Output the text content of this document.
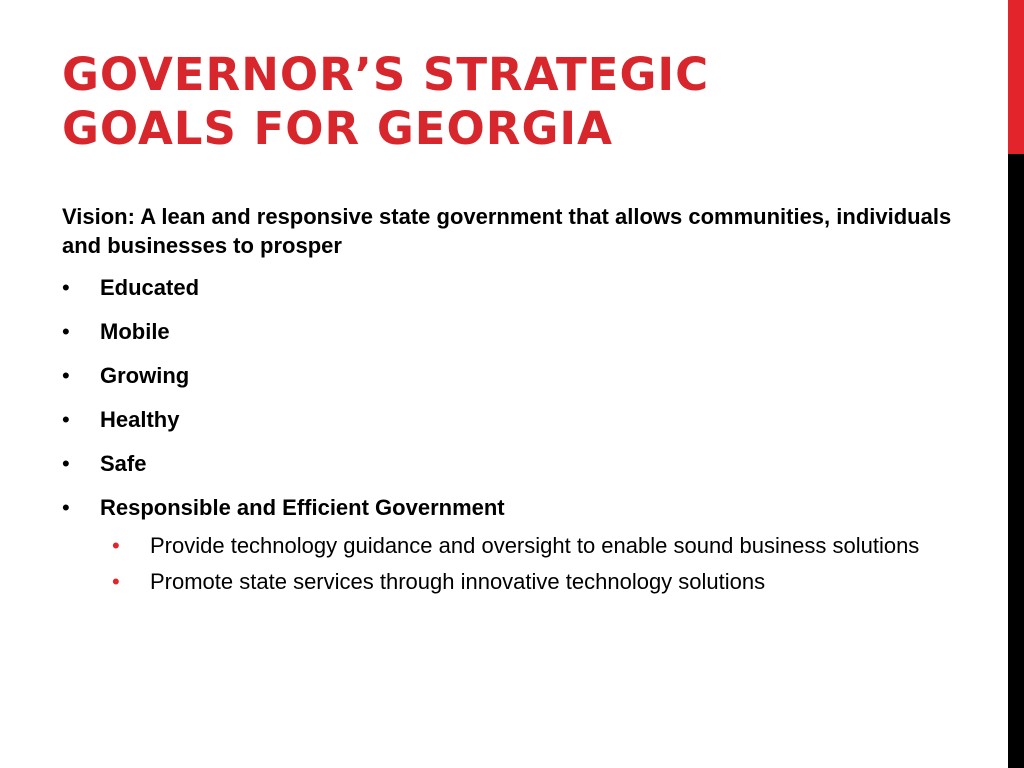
GOVERNOR’S STRATEGIC
GOALS FOR GEORGIA

Vision: A lean and responsive state government that allows communities, individuals and businesses to prosper

• Educated
• Mobile
• Growing
• Healthy
• Safe
• Responsible and Efficient Government
• Provide technology guidance and oversight to enable sound business solutions
• Promote state services through innovative technology solutions
